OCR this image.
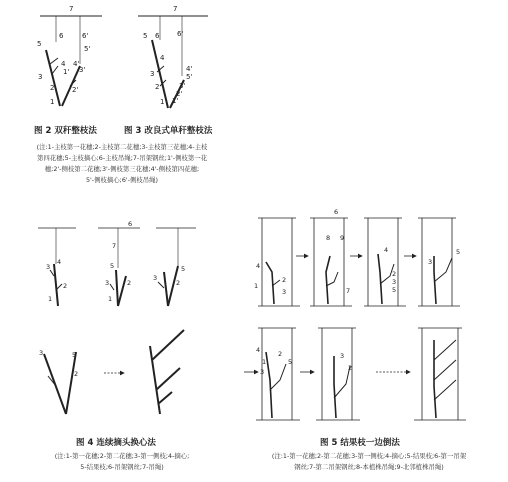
7
6	6'
5
5'
4 4'
3
3'
1'
2	2'
1
7
6	6'
5
4
3
2
5'
4'
3'
2'
1'
1
4
3
2
1
6
7
5
3	2
1
5
2
3
3	5
2
6
8 9
7
4
1
2
3
4
2
3
5
5
3
4	2
1
3
5
3
2
图 2 双秆整枝法	图 3 改良式单秆整枝法
(注:1-主枝第一花穗;2-主枝第二花穗;3-主枝第三花穗;4-主枝
第四花穗;5-主枝摘心;6-主枝吊绳;7-吊架钢丝;1'-侧枝第一花
穗;2'-侧枝第二花穗;3'-侧枝第三花穗;4'-侧枝第四花穗;
5'-侧枝摘心;6'-侧枝吊绳)
图 4 连续摘头换心法
(注:1-第一花穗;2-第二花穗;3-第一侧枝;4-摘心;
5-结果枝;6-吊架钢丝;7-吊绳)
图 5 结果枝一边倒法
(注:1-第一花穗;2-第二花穗;3-第一侧枝;4-摘心;5-结果枝;6-第一吊架
钢丝;7-第二吊架钢丝;8-本植株吊绳;9-北邻植株吊绳)
